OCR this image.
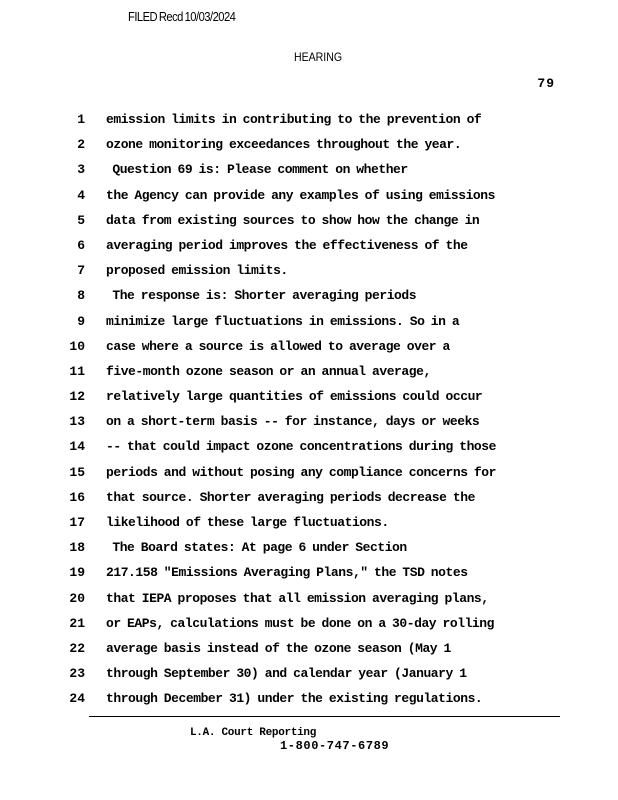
FILED Recd 10/03/2024
HEARING
79
1 emission limits in contributing to the prevention of
2 ozone monitoring exceedances throughout the year.
3 Question 69 is: Please comment on whether
4 the Agency can provide any examples of using emissions
5 data from existing sources to show how the change in
6 averaging period improves the effectiveness of the
7 proposed emission limits.
8 The response is: Shorter averaging periods
9 minimize large fluctuations in emissions. So in a
10 case where a source is allowed to average over a
11 five-month ozone season or an annual average,
12 relatively large quantities of emissions could occur
13 on a short-term basis -- for instance, days or weeks
14 -- that could impact ozone concentrations during those
15 periods and without posing any compliance concerns for
16 that source. Shorter averaging periods decrease the
17 likelihood of these large fluctuations.
18 The Board states: At page 6 under Section
19 217.158 "Emissions Averaging Plans," the TSD notes
20 that IEPA proposes that all emission averaging plans,
21 or EAPs, calculations must be done on a 30-day rolling
22 average basis instead of the ozone season (May 1
23 through September 30) and calendar year (January 1
24 through December 31) under the existing regulations.
L.A. Court Reporting
1-800-747-6789
